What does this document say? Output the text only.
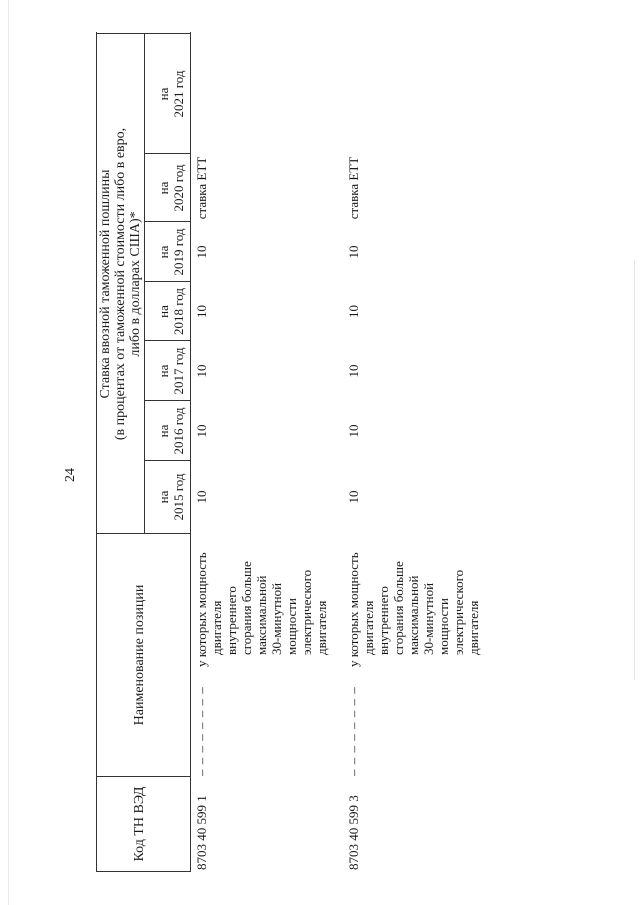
24
Код ТН ВЭД
Наименование позиции
Ставка ввозной таможенной пошлины (в процентах от таможенной стоимости либо в евро, либо в долларах США)*
на 2015 год
на 2016 год
на 2017 год
на 2018 год
на 2019 год
на 2020 год
на 2021 год
8703 40 599 1
– – – – – – – –
у которых мощность двигателя внутреннего сгорания больше максимальной 30-минутной мощности электрического двигателя
10
10
10
10
10
ставка ЕТТ
8703 40 599 3
– – – – – – – –
у которых мощность двигателя внутреннего сгорания больше максимальной 30-минутной мощности электрического двигателя
10
10
10
10
10
ставка ЕТТ
